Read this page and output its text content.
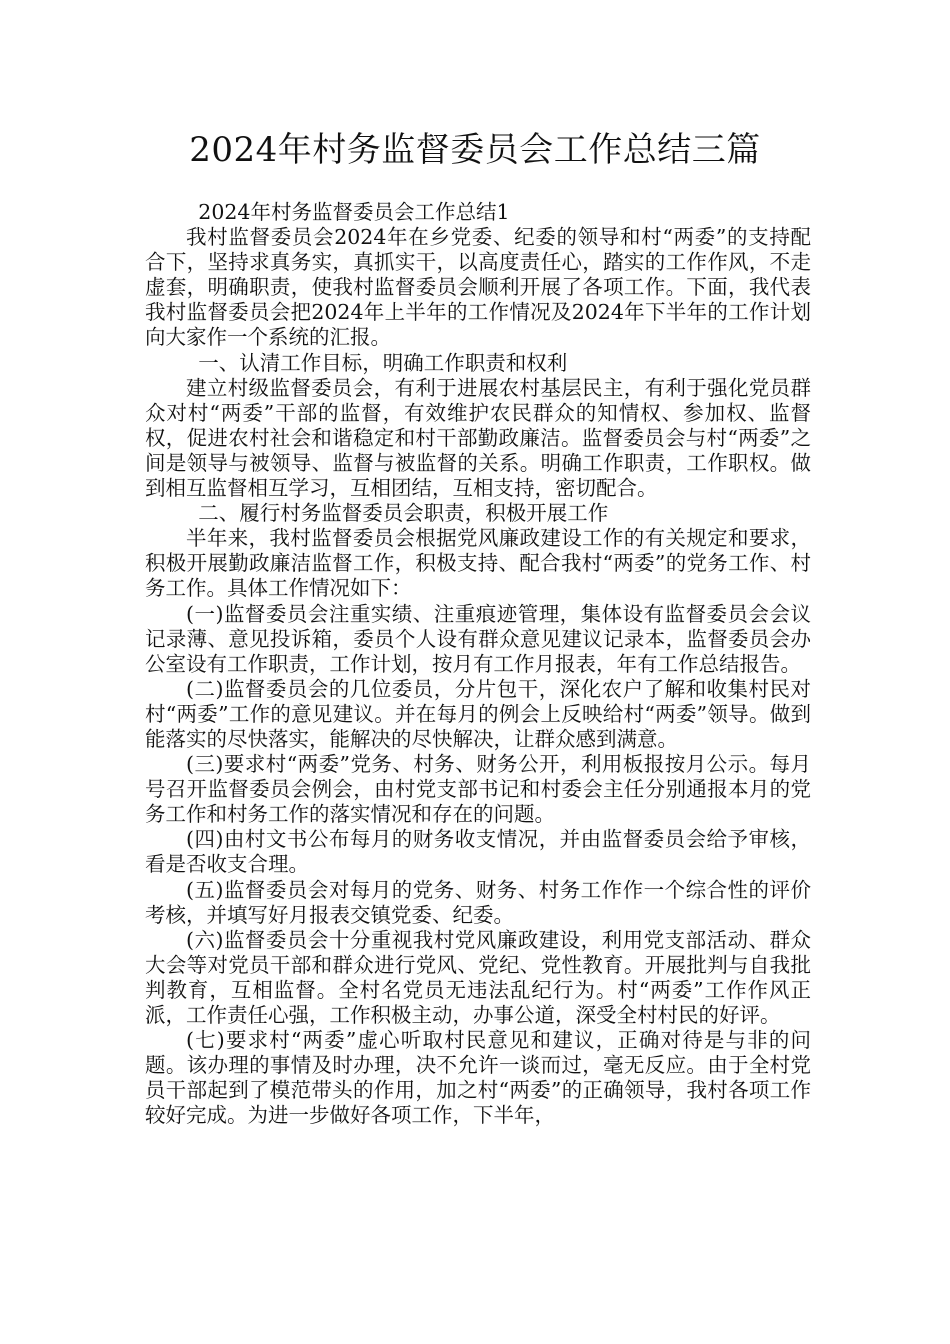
2024年村务监督委员会工作总结三篇

2024年村务监督委员会工作总结1

我村监督委员会2024年在乡党委、纪委的领导和村“两委”的支持配合下，坚持求真务实，真抓实干，以高度责任心，踏实的工作作风，不走虚套，明确职责，使我村监督委员会顺利开展了各项工作。下面，我代表我村监督委员会把2024年上半年的工作情况及2024年下半年的工作计划向大家作一个系统的汇报。

一、认清工作目标，明确工作职责和权利

建立村级监督委员会，有利于进展农村基层民主，有利于强化党员群众对村“两委”干部的监督，有效维护农民群众的知情权、参加权、监督权，促进农村社会和谐稳定和村干部勤政廉洁。监督委员会与村“两委”之间是领导与被领导、监督与被监督的关系。明确工作职责，工作职权。做到相互监督相互学习，互相团结，互相支持，密切配合。

二、履行村务监督委员会职责，积极开展工作

半年来，我村监督委员会根据党风廉政建设工作的有关规定和要求，积极开展勤政廉洁监督工作，积极支持、配合我村“两委”的党务工作、村务工作。具体工作情况如下：

(一)监督委员会注重实绩、注重痕迹管理，集体设有监督委员会会议记录薄、意见投诉箱，委员个人设有群众意见建议记录本，监督委员会办公室设有工作职责，工作计划，按月有工作月报表，年有工作总结报告。

(二)监督委员会的几位委员，分片包干，深化农户了解和收集村民对村“两委”工作的意见建议。并在每月的例会上反映给村“两委”领导。做到能落实的尽快落实，能解决的尽快解决，让群众感到满意。

(三)要求村“两委”党务、村务、财务公开，利用板报按月公示。每月号召开监督委员会例会，由村党支部书记和村委会主任分别通报本月的党务工作和村务工作的落实情况和存在的问题。

(四)由村文书公布每月的财务收支情况，并由监督委员会给予审核，看是否收支合理。

(五)监督委员会对每月的党务、财务、村务工作作一个综合性的评价考核，并填写好月报表交镇党委、纪委。

(六)监督委员会十分重视我村党风廉政建设，利用党支部活动、群众大会等对党员干部和群众进行党风、党纪、党性教育。开展批判与自我批判教育，互相监督。全村名党员无违法乱纪行为。村“两委”工作作风正派，工作责任心强，工作积极主动，办事公道，深受全村村民的好评。

(七)要求村“两委”虚心听取村民意见和建议，正确对待是与非的问题。该办理的事情及时办理，决不允许一谈而过，毫无反应。由于全村党员干部起到了模范带头的作用，加之村“两委”的正确领导，我村各项工作较好完成。为进一步做好各项工作，下半年，
